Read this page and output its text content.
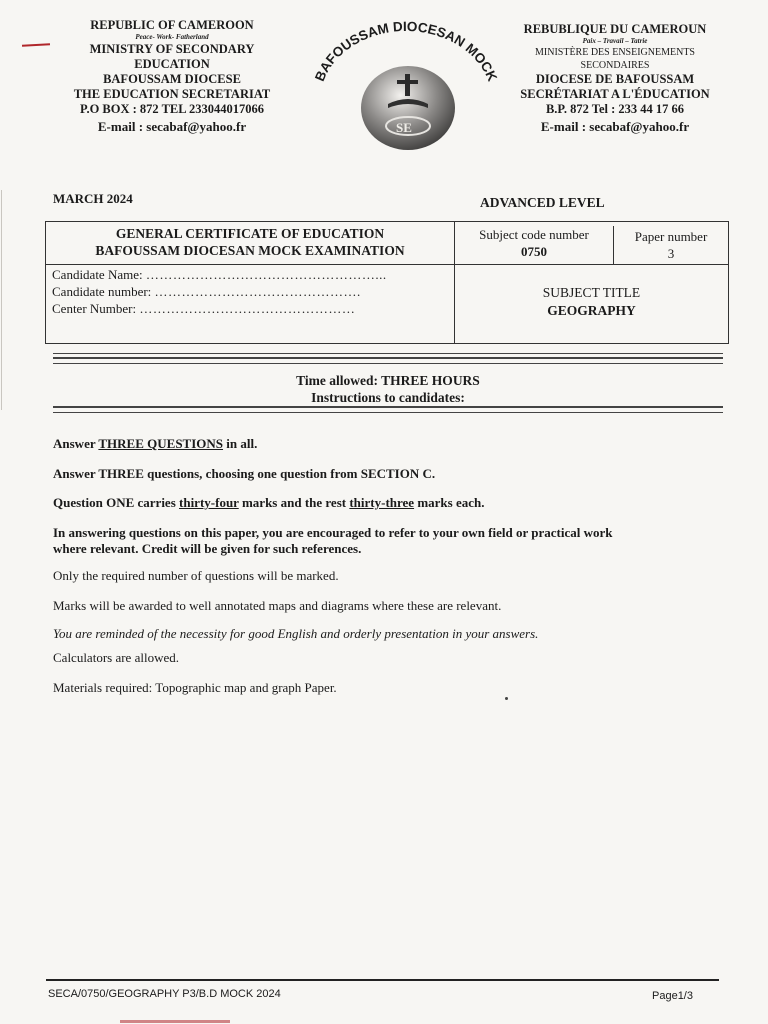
REPUBLIC OF CAMEROON
Peace- Work- Fatherland
MINISTRY OF SECONDARY
EDUCATION
BAFOUSSAM DIOCESE
THE EDUCATION SECRETARIAT
P.O BOX : 872 TEL 233044017066
E-mail : secabaf@yahoo.fr
BAFOUSSAM DIOCESAN MOCK
SE
REBUBLIQUE DU CAMEROUN
Paix – Travail – Tatrie
MINISTÈRE DES ENSEIGNEMENTS
SECONDAIRES
DIOCESE DE BAFOUSSAM
SECRÉTARIAT A L'ÉDUCATION
B.P. 872 Tel : 233 44 17 66
E-mail : secabaf@yahoo.fr
MARCH 2024	ADVANCED LEVEL
GENERAL CERTIFICATE OF EDUCATION
BAFOUSSAM DIOCESAN MOCK EXAMINATION
Subject code number
0750
Paper number
3
Candidate Name: ……………………………………………...
Candidate number: ……………………………………….
Center Number: …………………………………………
SUBJECT TITLE
GEOGRAPHY
Time allowed: THREE HOURS
Instructions to candidates:
Answer THREE QUESTIONS in all.
Answer THREE questions, choosing one question from SECTION C.
Question ONE carries thirty-four marks and the rest thirty-three marks each.
In answering questions on this paper, you are encouraged to refer to your own field or practical work
where relevant. Credit will be given for such references.
Only the required number of questions will be marked.
Marks will be awarded to well annotated maps and diagrams where these are relevant.
You are reminded of the necessity for good English and orderly presentation in your answers.
Calculators are allowed.
Materials required: Topographic map and graph Paper.
SECA/0750/GEOGRAPHY P3/B.D MOCK 2024	Page1/3
